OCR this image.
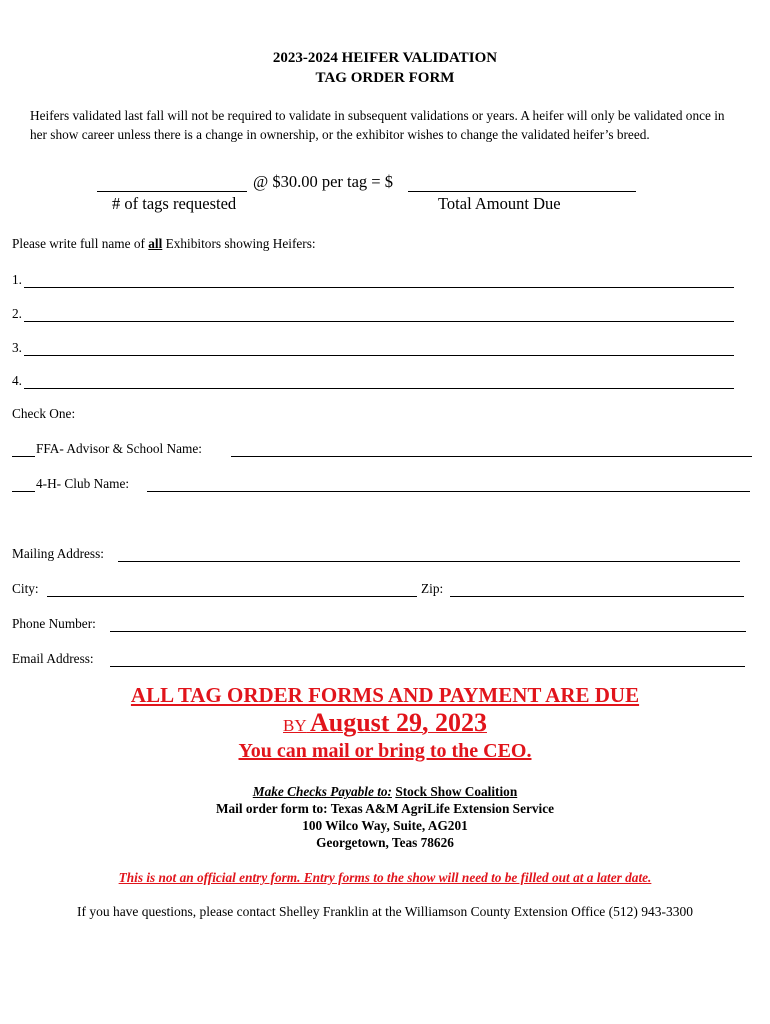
2023-2024 HEIFER VALIDATION
TAG ORDER FORM
Heifers validated last fall will not be required to validate in subsequent validations or years. A heifer will only be validated once in her show career unless there is a change in ownership, or the exhibitor wishes to change the validated heifer’s breed.
@ $30.00 per tag = $
# of tags requested	Total Amount Due
Please write full name of all Exhibitors showing Heifers:
1.
2.
3.
4.
Check One:
FFA- Advisor & School Name:
4-H- Club Name:
Mailing Address:
City:	Zip:
Phone Number:
Email Address:
ALL TAG ORDER FORMS AND PAYMENT ARE DUE
BY August 29, 2023
You can mail or bring to the CEO.
Make Checks Payable to: Stock Show Coalition
Mail order form to: Texas A&M AgriLife Extension Service
100 Wilco Way, Suite, AG201
Georgetown, Teas 78626
This is not an official entry form. Entry forms to the show will need to be filled out at a later date.
If you have questions, please contact Shelley Franklin at the Williamson County Extension Office (512) 943-3300
